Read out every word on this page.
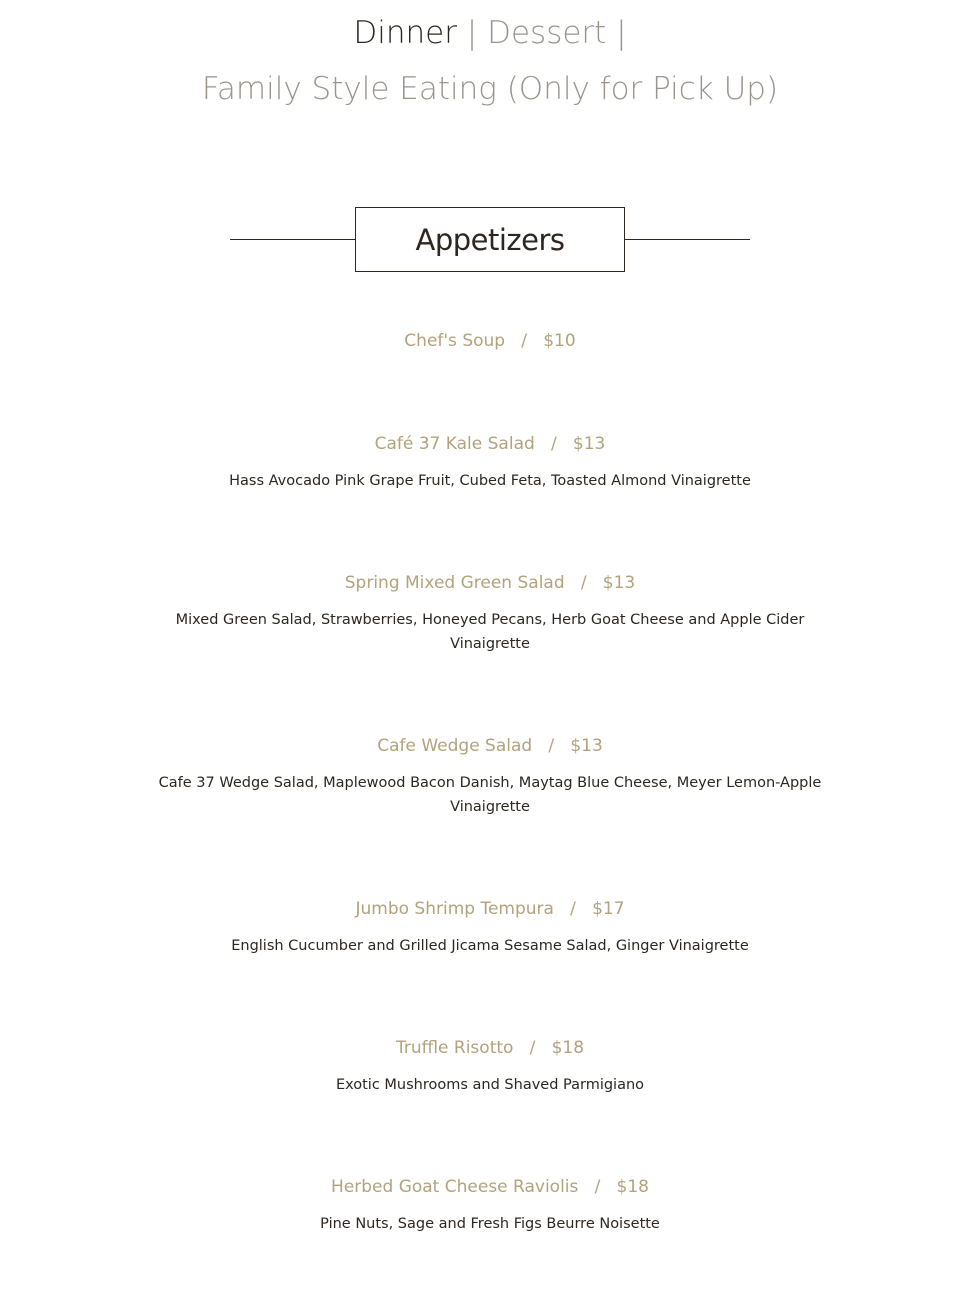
Dinner | Dessert |
Family Style Eating (Only for Pick Up)
Appetizers
Chef's Soup   /   $10
Café 37 Kale Salad   /   $13
Hass Avocado Pink Grape Fruit, Cubed Feta, Toasted Almond Vinaigrette
Spring Mixed Green Salad   /   $13
Mixed Green Salad, Strawberries, Honeyed Pecans, Herb Goat Cheese and Apple Cider Vinaigrette
Cafe Wedge Salad   /   $13
Cafe 37 Wedge Salad, Maplewood Bacon Danish, Maytag Blue Cheese, Meyer Lemon-Apple Vinaigrette
Jumbo Shrimp Tempura   /   $17
English Cucumber and Grilled Jicama Sesame Salad, Ginger Vinaigrette
Truffle Risotto   /   $18
Exotic Mushrooms and Shaved Parmigiano
Herbed Goat Cheese Raviolis   /   $18
Pine Nuts, Sage and Fresh Figs Beurre Noisette
